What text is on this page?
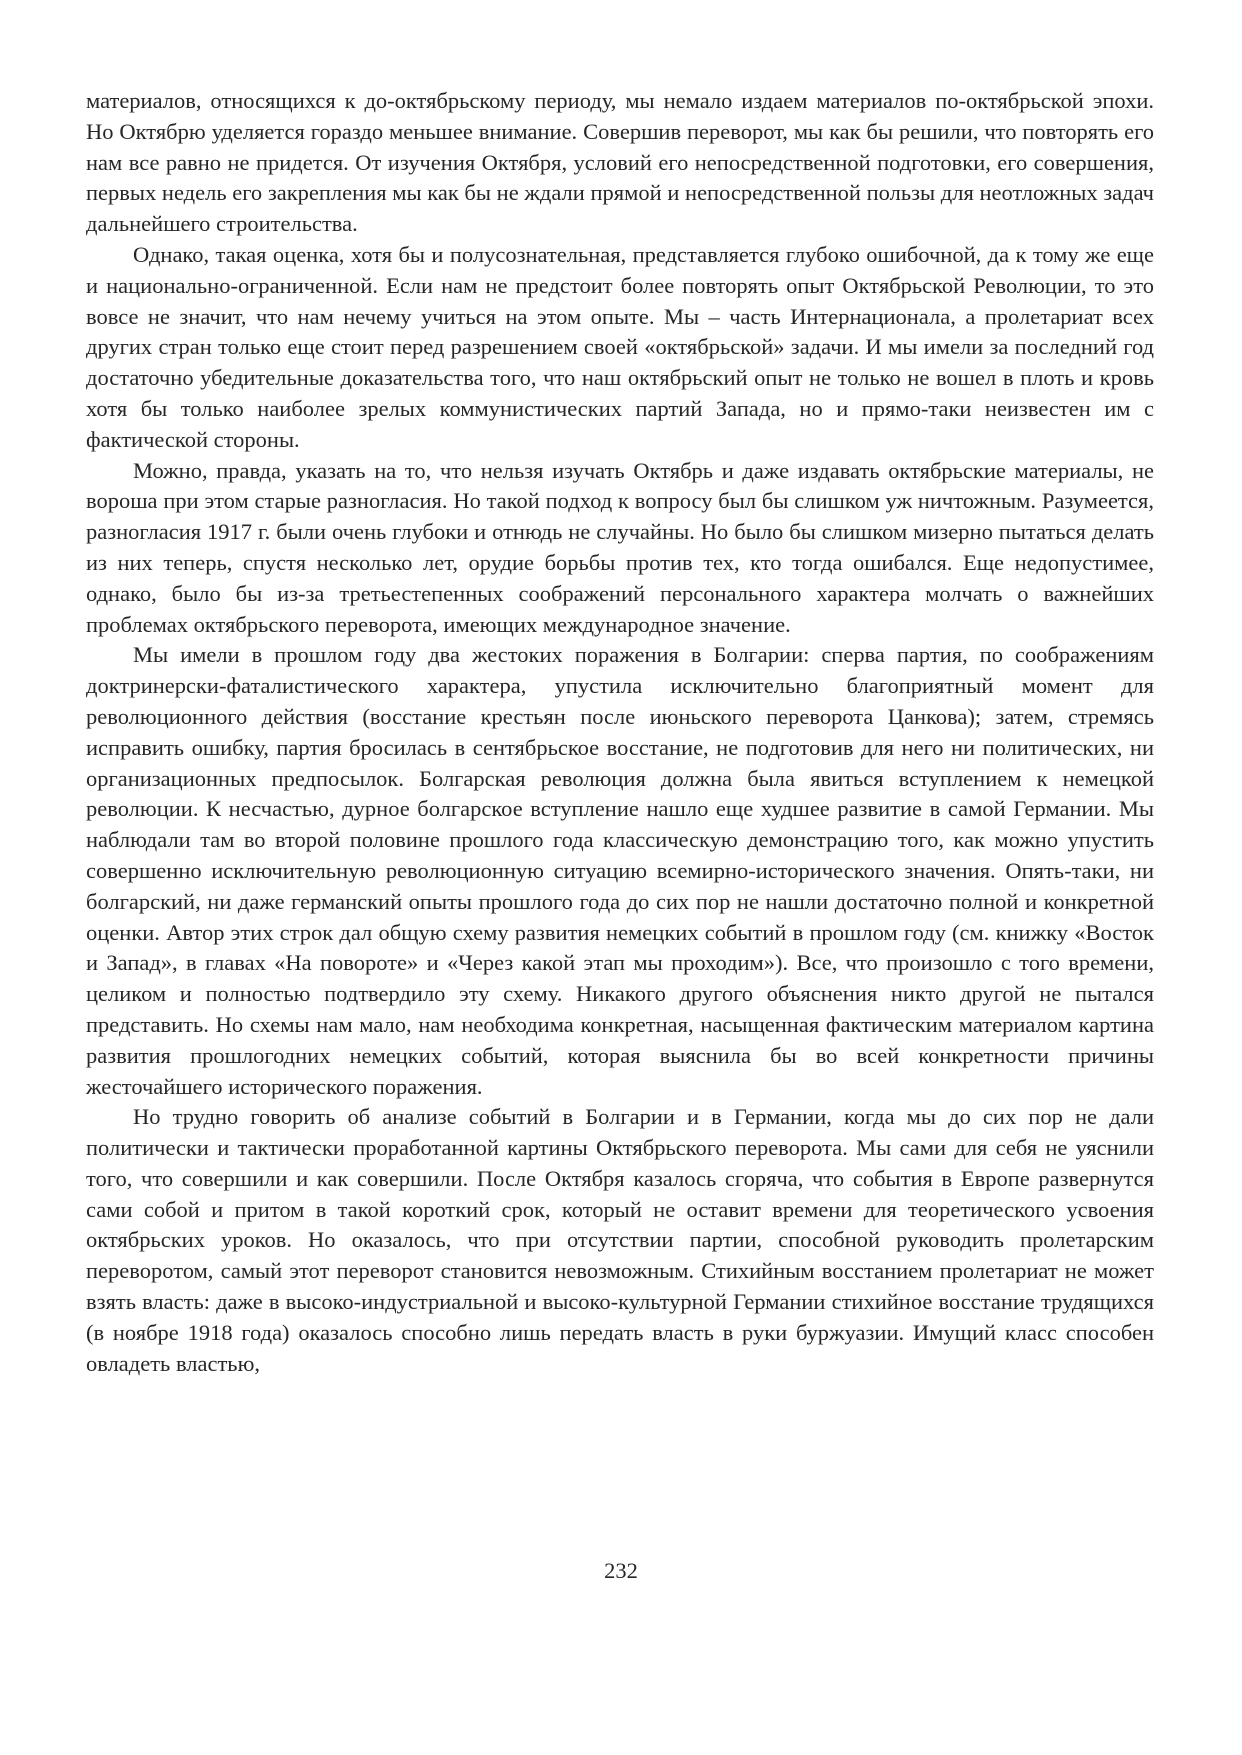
материалов, относящихся к до-октябрьскому периоду, мы немало издаем материалов по-октябрьской эпохи. Но Октябрю уделяется гораздо меньшее внимание. Совершив переворот, мы как бы решили, что повторять его нам все равно не придется. От изучения Октября, условий его непосредственной подготовки, его совершения, первых недель его закрепления мы как бы не ждали прямой и непосредственной пользы для неотложных задач дальнейшего строительства.

Однако, такая оценка, хотя бы и полусознательная, представляется глубоко ошибочной, да к тому же еще и национально-ограниченной. Если нам не предстоит более повторять опыт Октябрьской Революции, то это вовсе не значит, что нам нечему учиться на этом опыте. Мы – часть Интернационала, а пролетариат всех других стран только еще стоит перед разрешением своей «октябрьской» задачи. И мы имели за последний год достаточно убедительные доказательства того, что наш октябрьский опыт не только не вошел в плоть и кровь хотя бы только наиболее зрелых коммунистических партий Запада, но и прямо-таки неизвестен им с фактической стороны.

Можно, правда, указать на то, что нельзя изучать Октябрь и даже издавать октябрьские материалы, не вороша при этом старые разногласия. Но такой подход к вопросу был бы слишком уж ничтожным. Разумеется, разногласия 1917 г. были очень глубоки и отнюдь не случайны. Но было бы слишком мизерно пытаться делать из них теперь, спустя несколько лет, орудие борьбы против тех, кто тогда ошибался. Еще недопустимее, однако, было бы из-за третьестепенных соображений персонального характера молчать о важнейших проблемах октябрьского переворота, имеющих международное значение.

Мы имели в прошлом году два жестоких поражения в Болгарии: сперва партия, по соображениям доктринерски-фаталистического характера, упустила исключительно благоприятный момент для революционного действия (восстание крестьян после июньского переворота Цанкова); затем, стремясь исправить ошибку, партия бросилась в сентябрьское восстание, не подготовив для него ни политических, ни организационных предпосылок. Болгарская революция должна была явиться вступлением к немецкой революции. К несчастью, дурное болгарское вступление нашло еще худшее развитие в самой Германии. Мы наблюдали там во второй половине прошлого года классическую демонстрацию того, как можно упустить совершенно исключительную революционную ситуацию всемирно-исторического значения. Опять-таки, ни болгарский, ни даже германский опыты прошлого года до сих пор не нашли достаточно полной и конкретной оценки. Автор этих строк дал общую схему развития немецких событий в прошлом году (см. книжку «Восток и Запад», в главах «На повороте» и «Через какой этап мы проходим»). Все, что произошло с того времени, целиком и полностью подтвердило эту схему. Никакого другого объяснения никто другой не пытался представить. Но схемы нам мало, нам необходима конкретная, насыщенная фактическим материалом картина развития прошлогодних немецких событий, которая выяснила бы во всей конкретности причины жесточайшего исторического поражения.

Но трудно говорить об анализе событий в Болгарии и в Германии, когда мы до сих пор не дали политически и тактически проработанной картины Октябрьского переворота. Мы сами для себя не уяснили того, что совершили и как совершили. После Октября казалось сгоряча, что события в Европе развернутся сами собой и притом в такой короткий срок, который не оставит времени для теоретического усвоения октябрьских уроков. Но оказалось, что при отсутствии партии, способной руководить пролетарским переворотом, самый этот переворот становится невозможным. Стихийным восстанием пролетариат не может взять власть: даже в высоко-индустриальной и высоко-культурной Германии стихийное восстание трудящихся (в ноябре 1918 года) оказалось способно лишь передать власть в руки буржуазии. Имущий класс способен овладеть властью,

232
